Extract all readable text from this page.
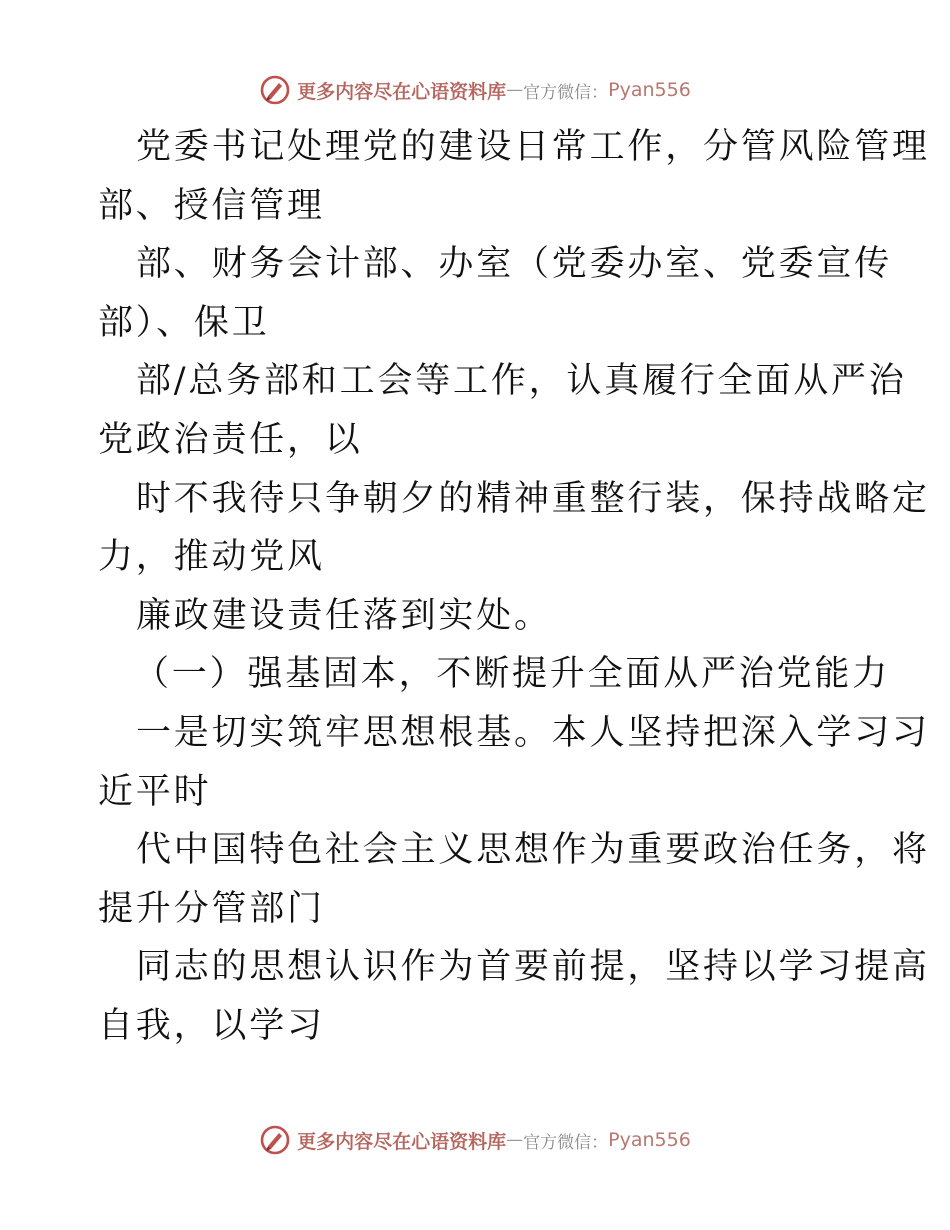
更多内容尽在心语资料库 — 官方微信： Pyan556
党委书记处理党的建设日常工作，分管风险管理
部、授信管理
部、财务会计部、办室（党委办室、党委宣传
部）、保卫
部/总务部和工会等工作，认真履行全面从严治
党政治责任，以
时不我待只争朝夕的精神重整行装，保持战略定
力，推动党风
廉政建设责任落到实处。
（一）强基固本，不断提升全面从严治党能力
一是切实筑牢思想根基。本人坚持把深入学习习
近平时
代中国特色社会主义思想作为重要政治任务，将
提升分管部门
同志的思想认识作为首要前提，坚持以学习提高
自我，以学习
更多内容尽在心语资料库 — 官方微信： Pyan556
